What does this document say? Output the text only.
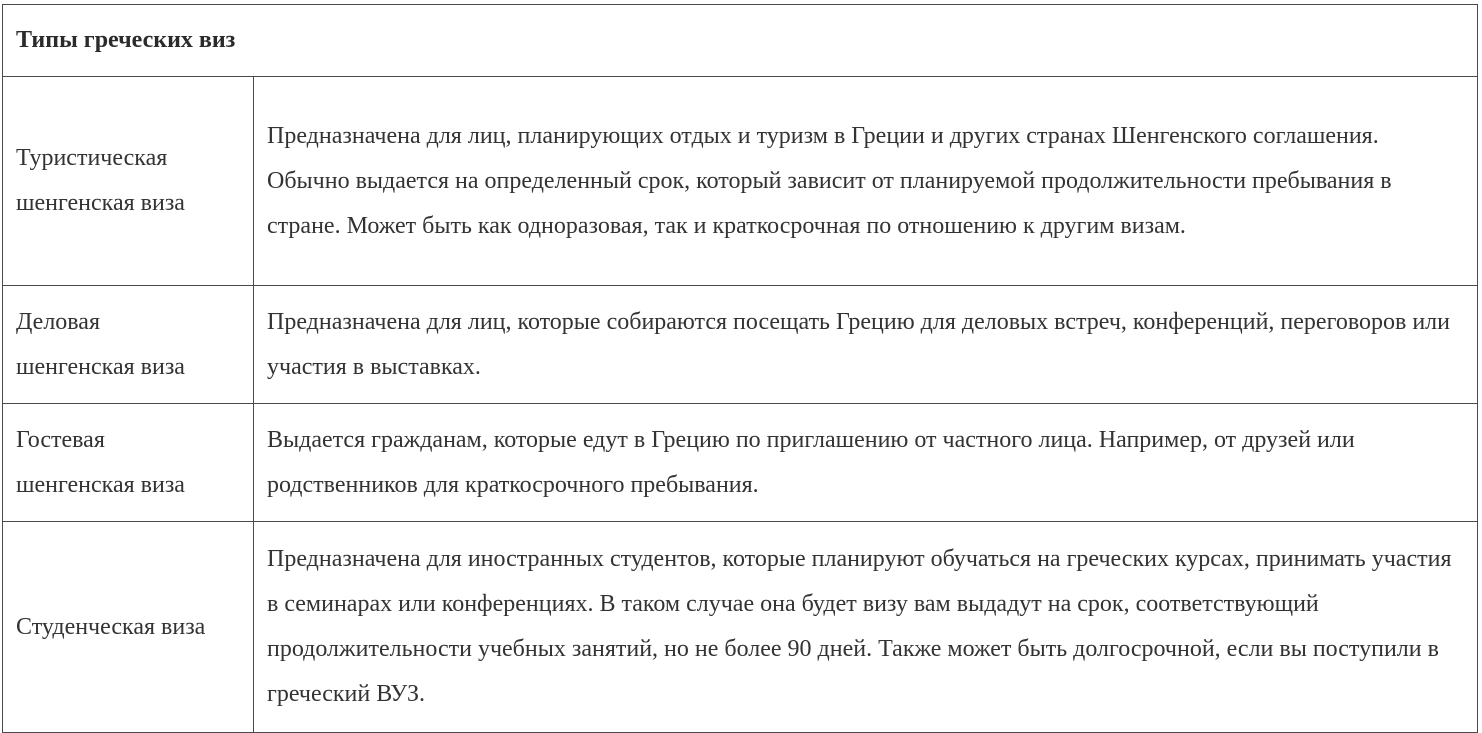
Типы греческих виз	
Туристическая
шенгенская виза	Предназначена для лиц, планирующих отдых и туризм в Греции и других странах Шенгенского соглашения. Обычно выдается на определенный срок, который зависит от планируемой продолжительности пребывания в стране. Может быть как одноразовая, так и краткосрочная по отношению к другим визам.
Деловая
шенгенская виза	Предназначена для лиц, которые собираются посещать Грецию для деловых встреч, конференций, переговоров или участия в выставках.
Гостевая
шенгенская виза	Выдается гражданам, которые едут в Грецию по приглашению от частного лица. Например, от друзей или родственников для краткосрочного пребывания.
Студенческая виза	Предназначена для иностранных студентов, которые планируют обучаться на греческих курсах, принимать участия в семинарах или конференциях. В таком случае она будет визу вам выдадут на срок, соответствующий продолжительности учебных занятий, но не более 90 дней. Также может быть долгосрочной, если вы поступили в греческий ВУЗ.
